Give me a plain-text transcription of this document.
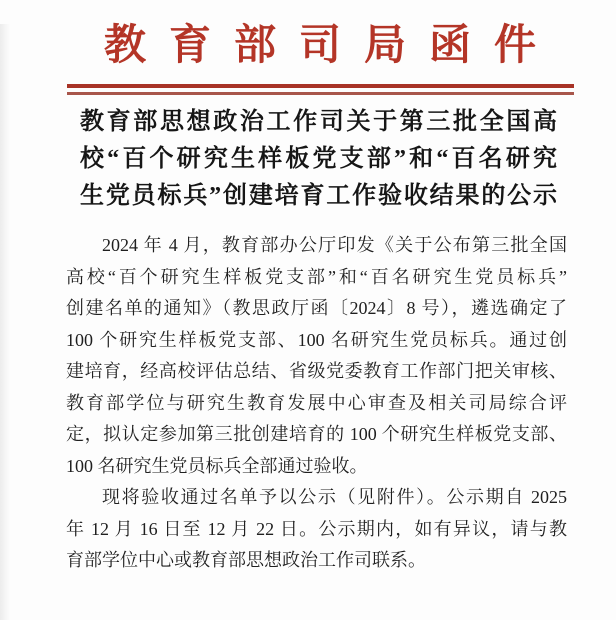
教育部司局函件
教育部思想政治工作司关于第三批全国高
校“百个研究生样板党支部”和“百名研究
生党员标兵”创建培育工作验收结果的公示
2024 年 4 月，教育部办公厅印发《关于公布第三批全国
高校“百个研究生样板党支部”和“百名研究生党员标兵”
创建名单的通知》（教思政厅函〔2024〕8 号），遴选确定了
100 个研究生样板党支部、100 名研究生党员标兵。通过创
建培育，经高校评估总结、省级党委教育工作部门把关审核、
教育部学位与研究生教育发展中心审查及相关司局综合评
定，拟认定参加第三批创建培育的 100 个研究生样板党支部、
100 名研究生党员标兵全部通过验收。
现将验收通过名单予以公示（见附件）。公示期自 2025
年 12 月 16 日至 12 月 22 日。公示期内，如有异议，请与教
育部学位中心或教育部思想政治工作司联系。
